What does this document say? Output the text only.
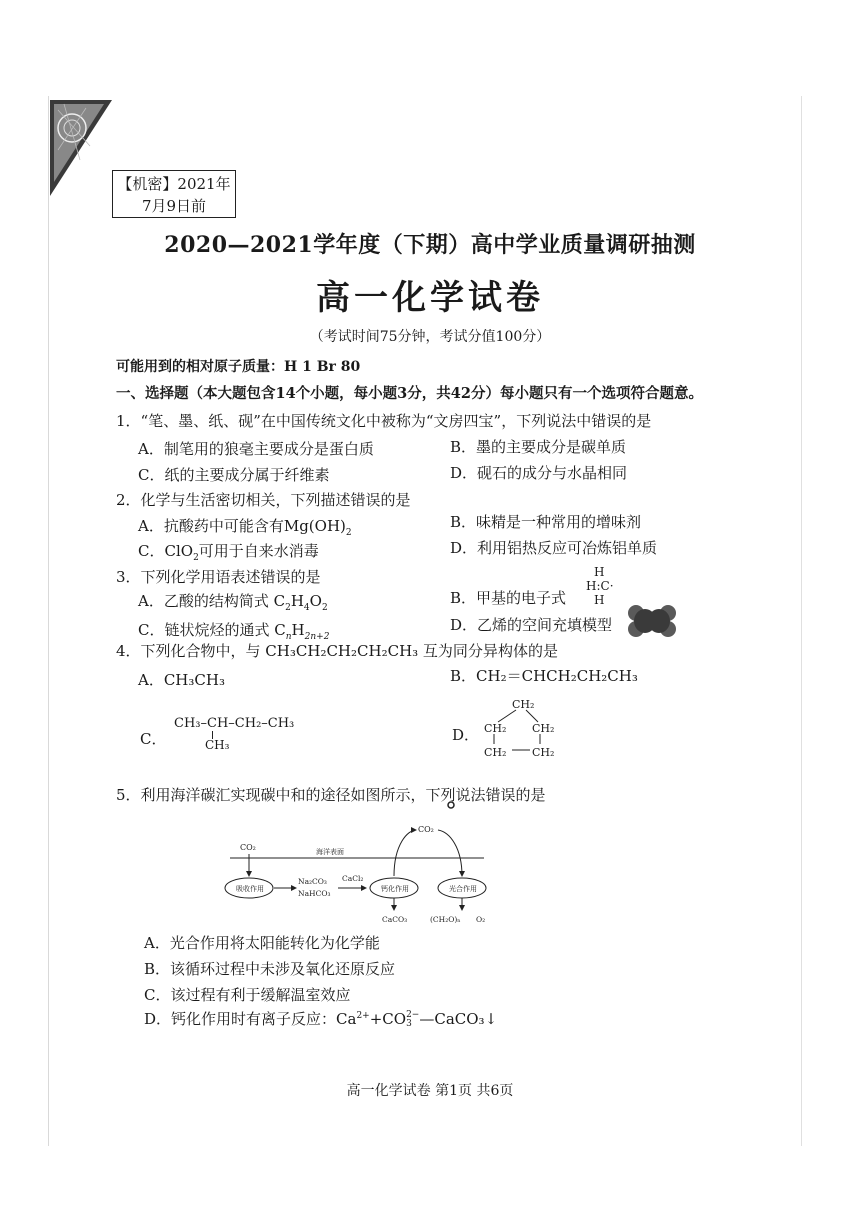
【机密】2021年
7月9日前
2020—2021学年度（下期）高中学业质量调研抽测
高一化学试卷
（考试时间75分钟，考试分值100分）
可能用到的相对原子质量：H 1 Br 80
一、选择题（本大题包含14个小题，每小题3分，共42分）每小题只有一个选项符合题意。
1．“笔、墨、纸、砚”在中国传统文化中被称为“文房四宝”，下列说法中错误的是
A．制笔用的狼毫主要成分是蛋白质	B．墨的主要成分是碳单质
C．纸的主要成分属于纤维素	D．砚石的成分与水晶相同
2．化学与生活密切相关，下列描述错误的是
A．抗酸药中可能含有$Mg(OH)_2$
B．味精是一种常用的增味剂
C．ClO$_2$可用于自来水消毒	D．利用铝热反应可冶炼铝单质
3．下列化学用语表述错误的是
A．乙酸的结构简式 $C_2H_4O_2$
B．甲基的电子式
H
H:C·
H
C．链状烷烃的通式 $C_nH_{2n+2}$
D．乙烯的空间充填模型
4．下列化合物中，与 CH₃CH₂CH₂CH₂CH₃ 互为同分异构体的是
A．CH₃CH₃	B．CH₂＝CHCH₂CH₂CH₃
C．
CH₃–CH–CH₂–CH₃
CH₃
D．
CH₂
CH₂ CH₂
CH₂ CH₂
5．利用海洋碳汇实现碳中和的途径如图所示，下列说法错误的是
海洋表面
CO₂
吸收作用
Na₂CO₃
NaHCO₃
CaCl₂
钙化作用
CaCO₃
光合作用
(CH₂O)ₙ O₂
CO₂
A．光合作用将太阳能转化为化学能
B．该循环过程中未涉及氧化还原反应
C．该过程有利于缓解温室效应
D．钙化作用时有离子反应：$Ca^{2+}+CO$ 2−
3 —CaCO₃↓
高一化学试卷 第1页 共6页
